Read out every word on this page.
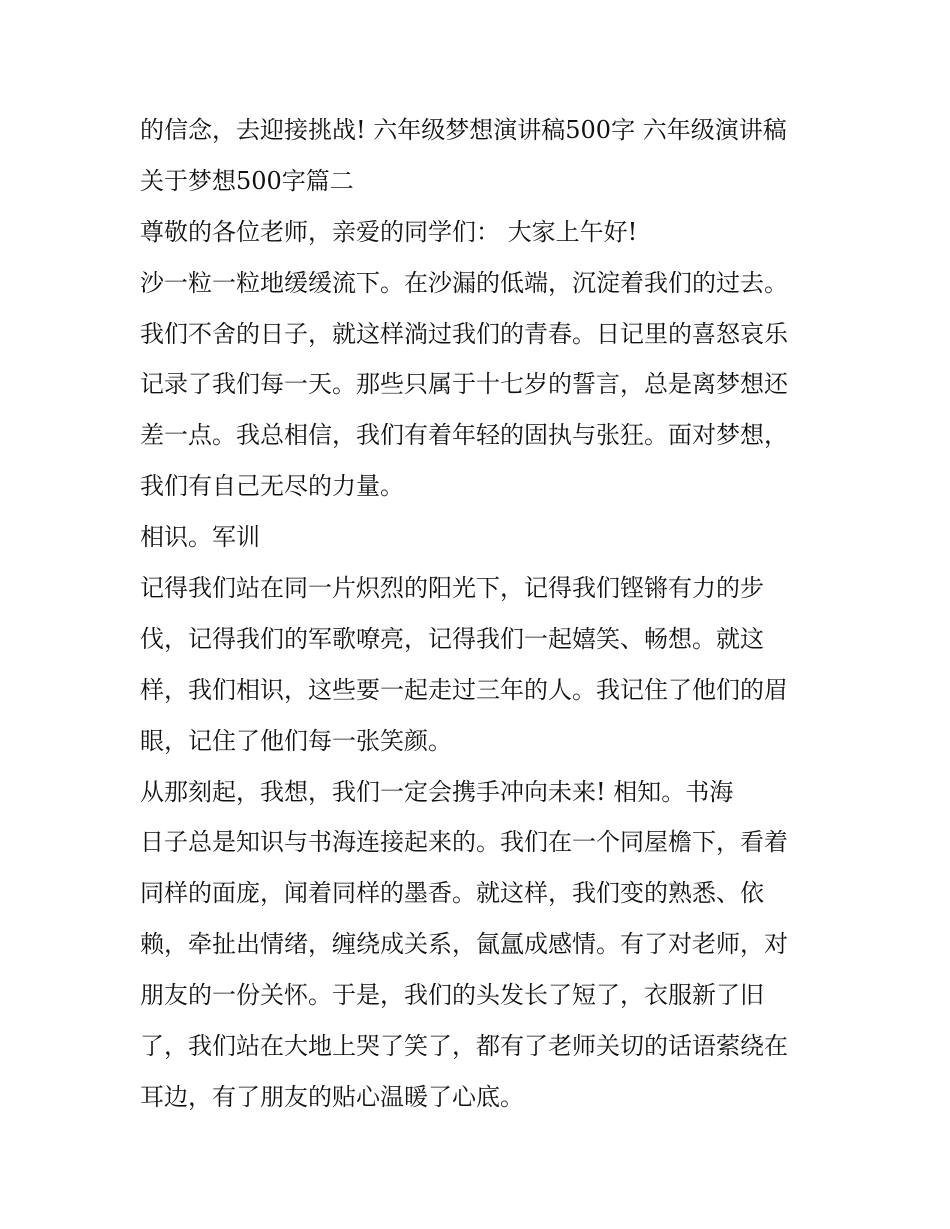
的信念，去迎接挑战! 六年级梦想演讲稿500字 六年级演讲稿
关于梦想500字篇二
尊敬的各位老师，亲爱的同学们： 大家上午好!
沙一粒一粒地缓缓流下。在沙漏的低端，沉淀着我们的过去。
我们不舍的日子，就这样淌过我们的青春。日记里的喜怒哀乐
记录了我们每一天。那些只属于十七岁的誓言，总是离梦想还
差一点。我总相信，我们有着年轻的固执与张狂。面对梦想，
我们有自己无尽的力量。
相识。军训
记得我们站在同一片炽烈的阳光下，记得我们铿锵有力的步
伐，记得我们的军歌嘹亮，记得我们一起嬉笑、畅想。就这
样，我们相识，这些要一起走过三年的人。我记住了他们的眉
眼，记住了他们每一张笑颜。
从那刻起，我想，我们一定会携手冲向未来! 相知。书海
日子总是知识与书海连接起来的。我们在一个同屋檐下，看着
同样的面庞，闻着同样的墨香。就这样，我们变的熟悉、依
赖，牵扯出情绪，缠绕成关系，氤氲成感情。有了对老师，对
朋友的一份关怀。于是，我们的头发长了短了，衣服新了旧
了，我们站在大地上哭了笑了，都有了老师关切的话语萦绕在
耳边，有了朋友的贴心温暖了心底。
